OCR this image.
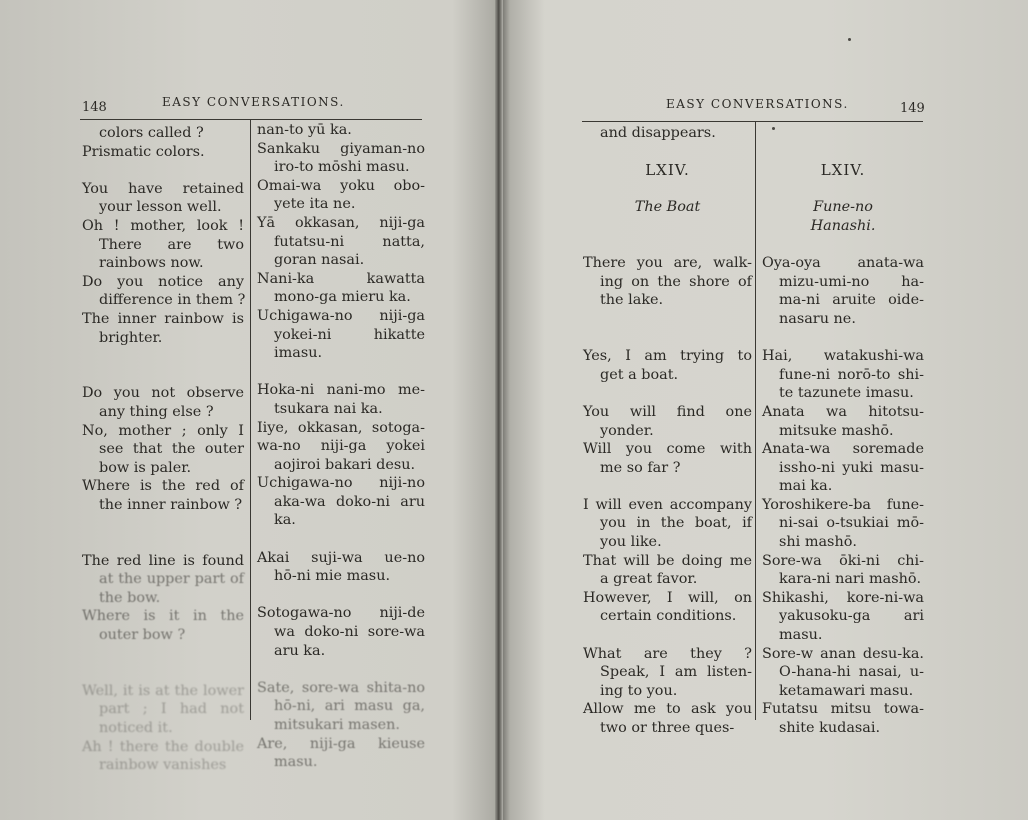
148	EASY CONVERSATIONS.
colors called ?
Prismatic colors.

You have retained
your lesson well.
Oh ! mother, look !
There are two
rainbows now.
Do you notice any
difference in them ?
The inner rainbow is
brighter.

Do you not observe
any thing else ?
No, mother ; only I
see that the outer
bow is paler.
Where is the red of
the inner rainbow ?

The red line is found
at the upper part of
the bow.
Where is it in the
outer bow ?

Well, it is at the lower
part ; I had not
noticed it.
Ah ! there the double
rainbow vanishes
nan-to yū ka.
Sankaku giyaman-no
iro-to mōshi masu.
Omai-wa yoku obo-
yete ita ne.
Yā okkasan, niji-ga
futatsu-ni natta,
goran nasai.
Nani-ka kawatta
mono-ga mieru ka.
Uchigawa-no niji-ga
yokei-ni hikatte
imasu.

Hoka-ni nani-mo me-
tsukara nai ka.
Iiye, okkasan, sotoga-
wa-no niji-ga yokei
aojiroi bakari desu.
Uchigawa-no niji-no
aka-wa doko-ni aru
ka.

Akai suji-wa ue-no
hō-ni mie masu.

Sotogawa-no niji-de
wa doko-ni sore-wa
aru ka.

Sate, sore-wa shita-no
hō-ni, ari masu ga,
mitsukari masen.
Are, niji-ga kieuse
masu.
EASY CONVERSATIONS.	149
and disappears.

LXIV.

The Boat

There you are, walk-
ing on the shore of
the lake.

Yes, I am trying to
get a boat.

You will find one
yonder.
Will you come with
me so far ?

I will even accompany
you in the boat, if
you like.
That will be doing me
a great favor.
However, I will, on
certain conditions.

What are they ?
Speak, I am listen-
ing to you.
Allow me to ask you
two or three ques-

LXIV.

Fune-no
Hanashi.

Oya-oya anata-wa
mizu-umi-no ha-
ma-ni aruite oide-
nasaru ne.

Hai, watakushi-wa
fune-ni norō-to shi-
te tazunete imasu.
Anata wa hitotsu-
mitsuke mashō.
Anata-wa soremade
issho-ni yuki masu-
mai ka.
Yoroshikere-ba fune-
ni-sai o-tsukiai mō-
shi mashō.
Sore-wa ōki-ni chi-
kara-ni nari mashō.
Shikashi, kore-ni-wa
yakusoku-ga ari
masu.
Sore-w anan desu-ka.
O-hana-hi nasai, u-
ketamawari masu.
Futatsu mitsu towa-
shite kudasai.
